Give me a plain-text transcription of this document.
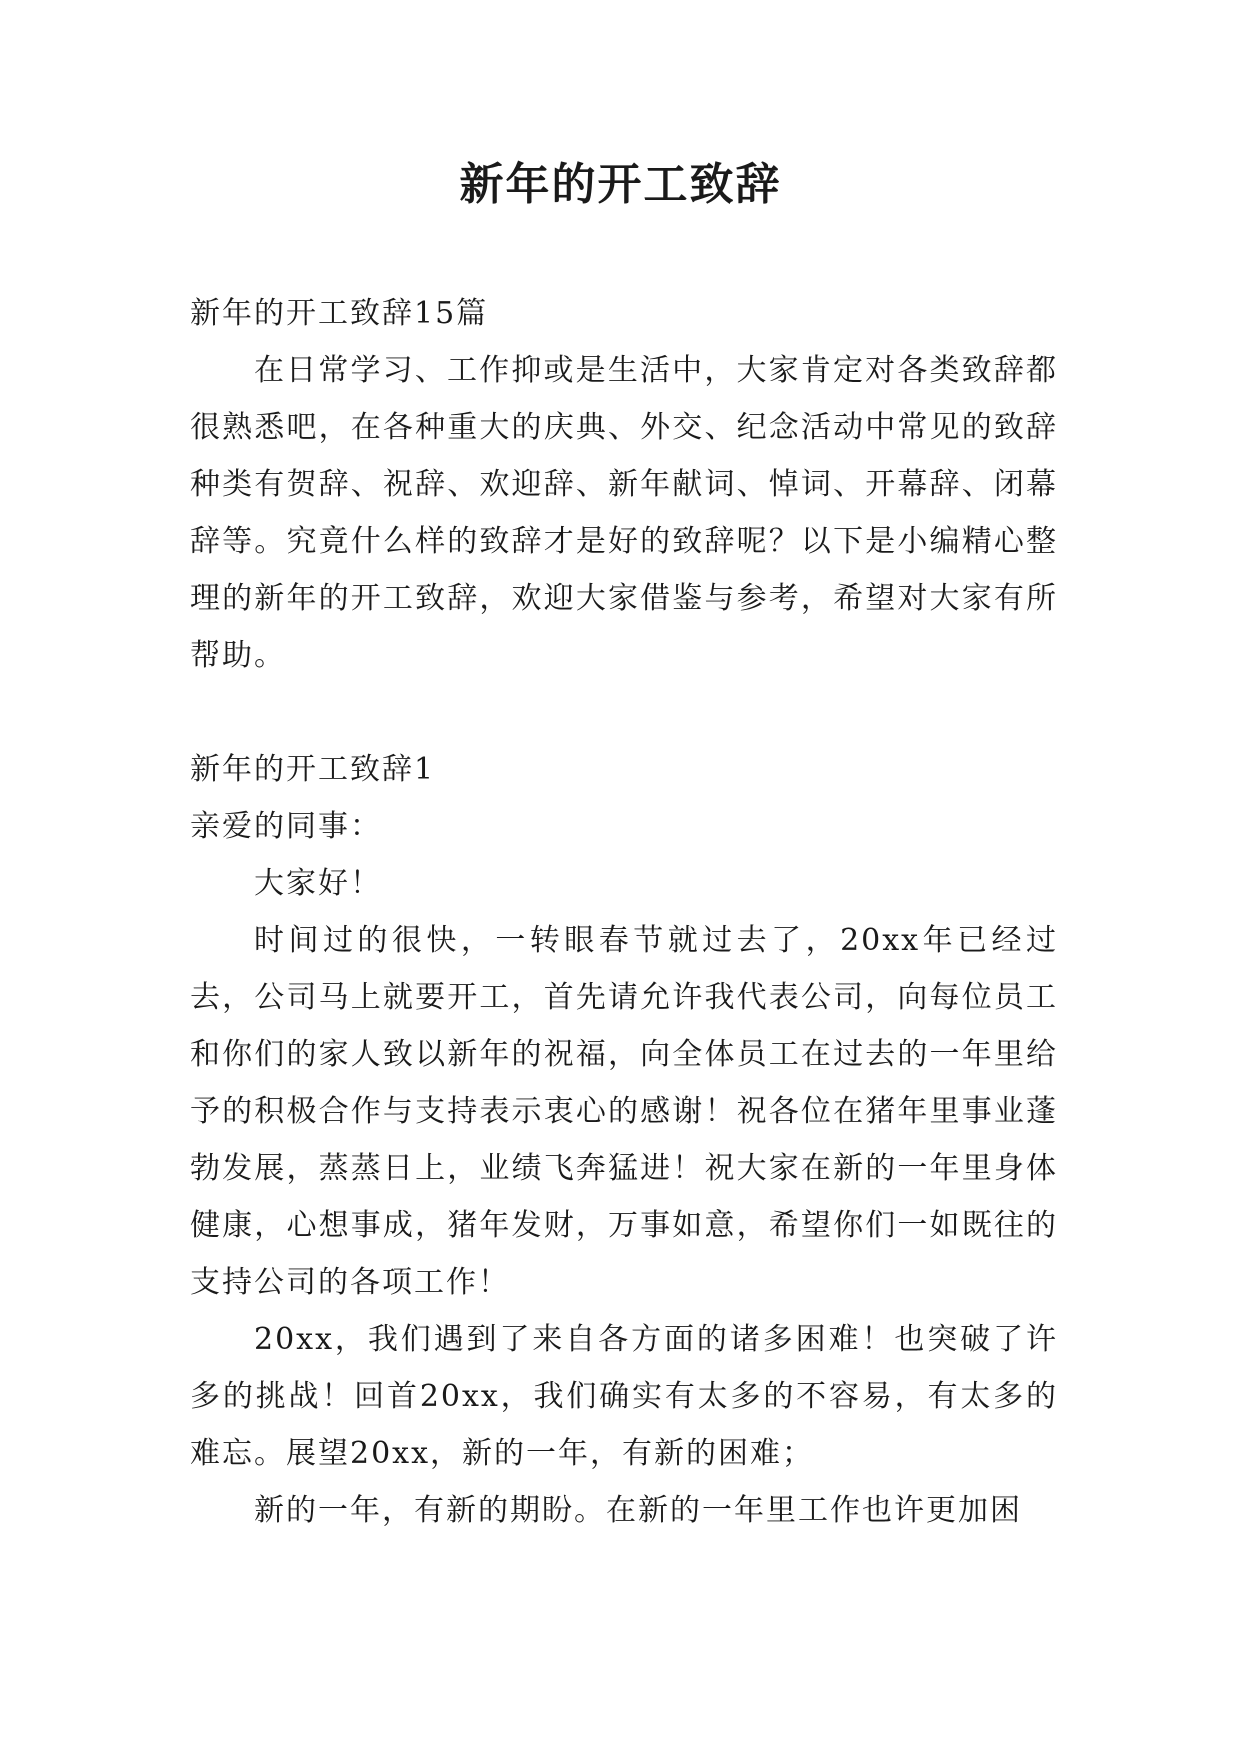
新年的开工致辞

新年的开工致辞15篇

在日常学习、工作抑或是生活中，大家肯定对各类致辞都很熟悉吧，在各种重大的庆典、外交、纪念活动中常见的致辞种类有贺辞、祝辞、欢迎辞、新年献词、悼词、开幕辞、闭幕辞等。究竟什么样的致辞才是好的致辞呢？以下是小编精心整理的新年的开工致辞，欢迎大家借鉴与参考，希望对大家有所帮助。

新年的开工致辞1

亲爱的同事：

大家好！

时间过的很快，一转眼春节就过去了，20xx年已经过去，公司马上就要开工，首先请允许我代表公司，向每位员工和你们的家人致以新年的祝福，向全体员工在过去的一年里给予的积极合作与支持表示衷心的感谢！祝各位在猪年里事业蓬勃发展，蒸蒸日上，业绩飞奔猛进！祝大家在新的一年里身体健康，心想事成，猪年发财，万事如意，希望你们一如既往的支持公司的各项工作！

20xx，我们遇到了来自各方面的诸多困难！也突破了许多的挑战！回首20xx，我们确实有太多的不容易，有太多的难忘。展望20xx，新的一年，有新的困难；

新的一年，有新的期盼。在新的一年里工作也许更加困
